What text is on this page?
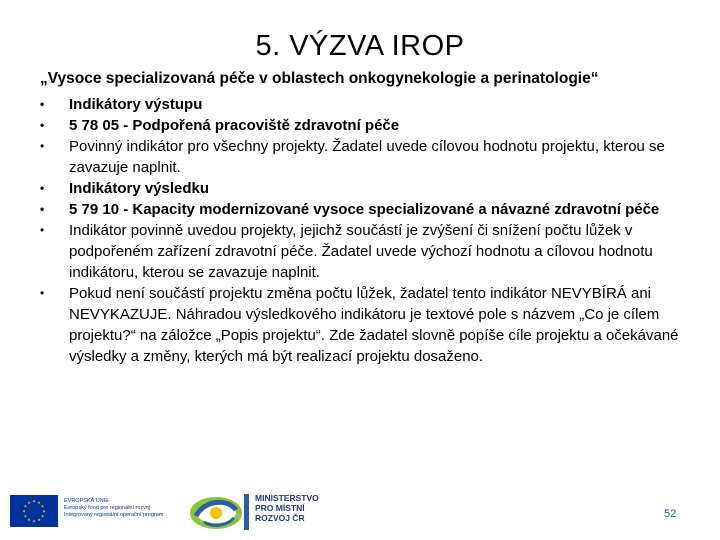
5. VÝZVA IROP
„Vysoce specializovaná péče v oblastech onkogynekologie a perinatologie“
• Indikátory výstupu
• 5 78 05 - Podpořená pracoviště zdravotní péče
• Povinný indikátor pro všechny projekty. Žadatel uvede cílovou hodnotu projektu, kterou se zavazuje naplnit.
• Indikátory výsledku
• 5 79 10 - Kapacity modernizované vysoce specializované a návazné zdravotní péče
• Indikátor povinně uvedou projekty, jejichž součástí je zvýšení či snížení počtu lůžek v podpořeném zařízení zdravotní péče. Žadatel uvede výchozí hodnotu a cílovou hodnotu indikátoru, kterou se zavazuje naplnit.
• Pokud není součástí projektu změna počtu lůžek, žadatel tento indikátor NEVYBÍRÁ ani NEVYKAZUJE. Náhradou výsledkového indikátoru je textové pole s názvem „Co je cílem projektu?“ na záložce „Popis projektu“. Zde žadatel slovně popíše cíle projektu a očekávané výsledky a změny, kterých má být realizací projektu dosaženo.
★ ★
★
★
★
★
★
★
★
★
★
★	EVROPSKÁ UNIE
Evropský fond pro regionální rozvoj
Integrovaný regionální operační program
MINISTERSTVO
PRO MÍSTNÍ
ROZVOJ ČR	52
